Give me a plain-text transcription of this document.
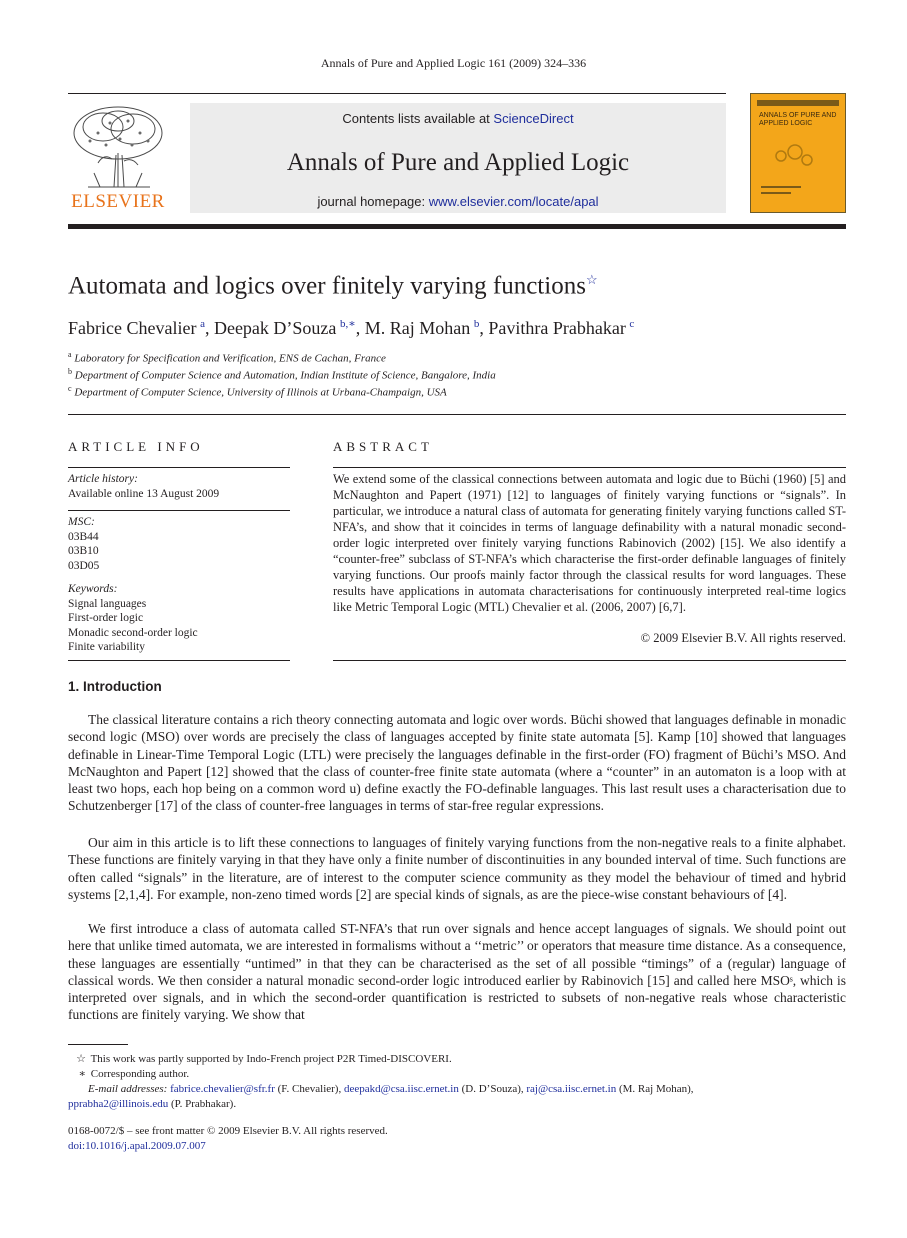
Annals of Pure and Applied Logic 161 (2009) 324–336
ELSEVIER
Contents lists available at ScienceDirect
Annals of Pure and Applied Logic
journal homepage: www.elsevier.com/locate/apal
ANNALS OF PURE AND APPLIED LOGIC
Automata and logics over finitely varying functions☆
Fabrice Chevalier  $^a$, Deepak D’Souza  $^{b,∗}$, M. Raj Mohan  $^b$, Pavithra Prabhakar  $^c$
$^a$ Laboratory for Specification and Verification, ENS de Cachan, France
$^b$ Department of Computer Science and Automation, Indian Institute of Science, Bangalore, India
$^c$ Department of Computer Science, University of Illinois at Urbana-Champaign, USA
ARTICLE INFO
Article history:
Available online 13 August 2009
MSC:
03B44
03B10
03D05
Keywords:
Signal languages
First-order logic
Monadic second-order logic
Finite variability
ABSTRACT
We extend some of the classical connections between automata and logic due to Büchi (1960) [5] and McNaughton and Papert (1971) [12] to languages of finitely varying functions or “signals”. In particular, we introduce a natural class of automata for generating finitely varying functions called ST-NFA’s, and show that it coincides in terms of language definability with a natural monadic second-order logic interpreted over finitely varying functions Rabinovich (2002) [15]. We also identify a “counter-free” subclass of ST-NFA’s which characterise the first-order definable languages of finitely varying functions. Our proofs mainly factor through the classical results for word languages. These results have applications in automata characterisations for continuously interpreted real-time logics like Metric Temporal Logic (MTL) Chevalier et al. (2006, 2007) [6,7].
© 2009 Elsevier B.V. All rights reserved.
1. Introduction
The classical literature contains a rich theory connecting automata and logic over words. Büchi showed that languages definable in monadic second logic (MSO) over words are precisely the class of languages accepted by finite state automata [5]. Kamp [10] showed that languages definable in Linear-Time Temporal Logic (LTL) were precisely the languages definable in the first-order (FO) fragment of Büchi’s MSO. And McNaughton and Papert [12] showed that the class of counter-free finite state automata (where a “counter” in an automaton is a loop with at least two hops, each hop being on a common word u) define exactly the FO-definable languages. This last result uses a characterisation due to Schutzenberger [17] of the class of counter-free languages in terms of star-free regular expressions.
Our aim in this article is to lift these connections to languages of finitely varying functions from the non-negative reals to a finite alphabet. These functions are finitely varying in that they have only a finite number of discontinuities in any bounded interval of time. Such functions are often called “signals” in the literature, are of interest to the computer science community as they model the behaviour of timed and hybrid systems [2,1,4]. For example, non-zeno timed words [2] are special kinds of signals, as are the piece-wise constant behaviours of [4].
We first introduce a class of automata called ST-NFA’s that run over signals and hence accept languages of signals. We should point out here that unlike timed automata, we are interested in formalisms without a ‘‘metric’’ or operators that measure time distance. As a consequence, these languages are essentially “untimed” in that they can be characterised as the set of all possible “timings” of a (regular) language of classical words. We then consider a natural monadic second-order logic introduced earlier by Rabinovich [15] and called here MSOˢ, which is interpreted over signals, and in which the second-order quantification is restricted to subsets of non-negative reals whose characteristic functions are finitely varying. We show that
☆ This work was partly supported by Indo-French project P2R Timed-DISCOVERI.
∗ Corresponding author.
E-mail addresses: fabrice.chevalier@sfr.fr (F. Chevalier), deepakd@csa.iisc.ernet.in (D. D’Souza), raj@csa.iisc.ernet.in (M. Raj Mohan),
pprabha2@illinois.edu (P. Prabhakar).
0168-0072/$ – see front matter © 2009 Elsevier B.V. All rights reserved.
doi:10.1016/j.apal.2009.07.007
